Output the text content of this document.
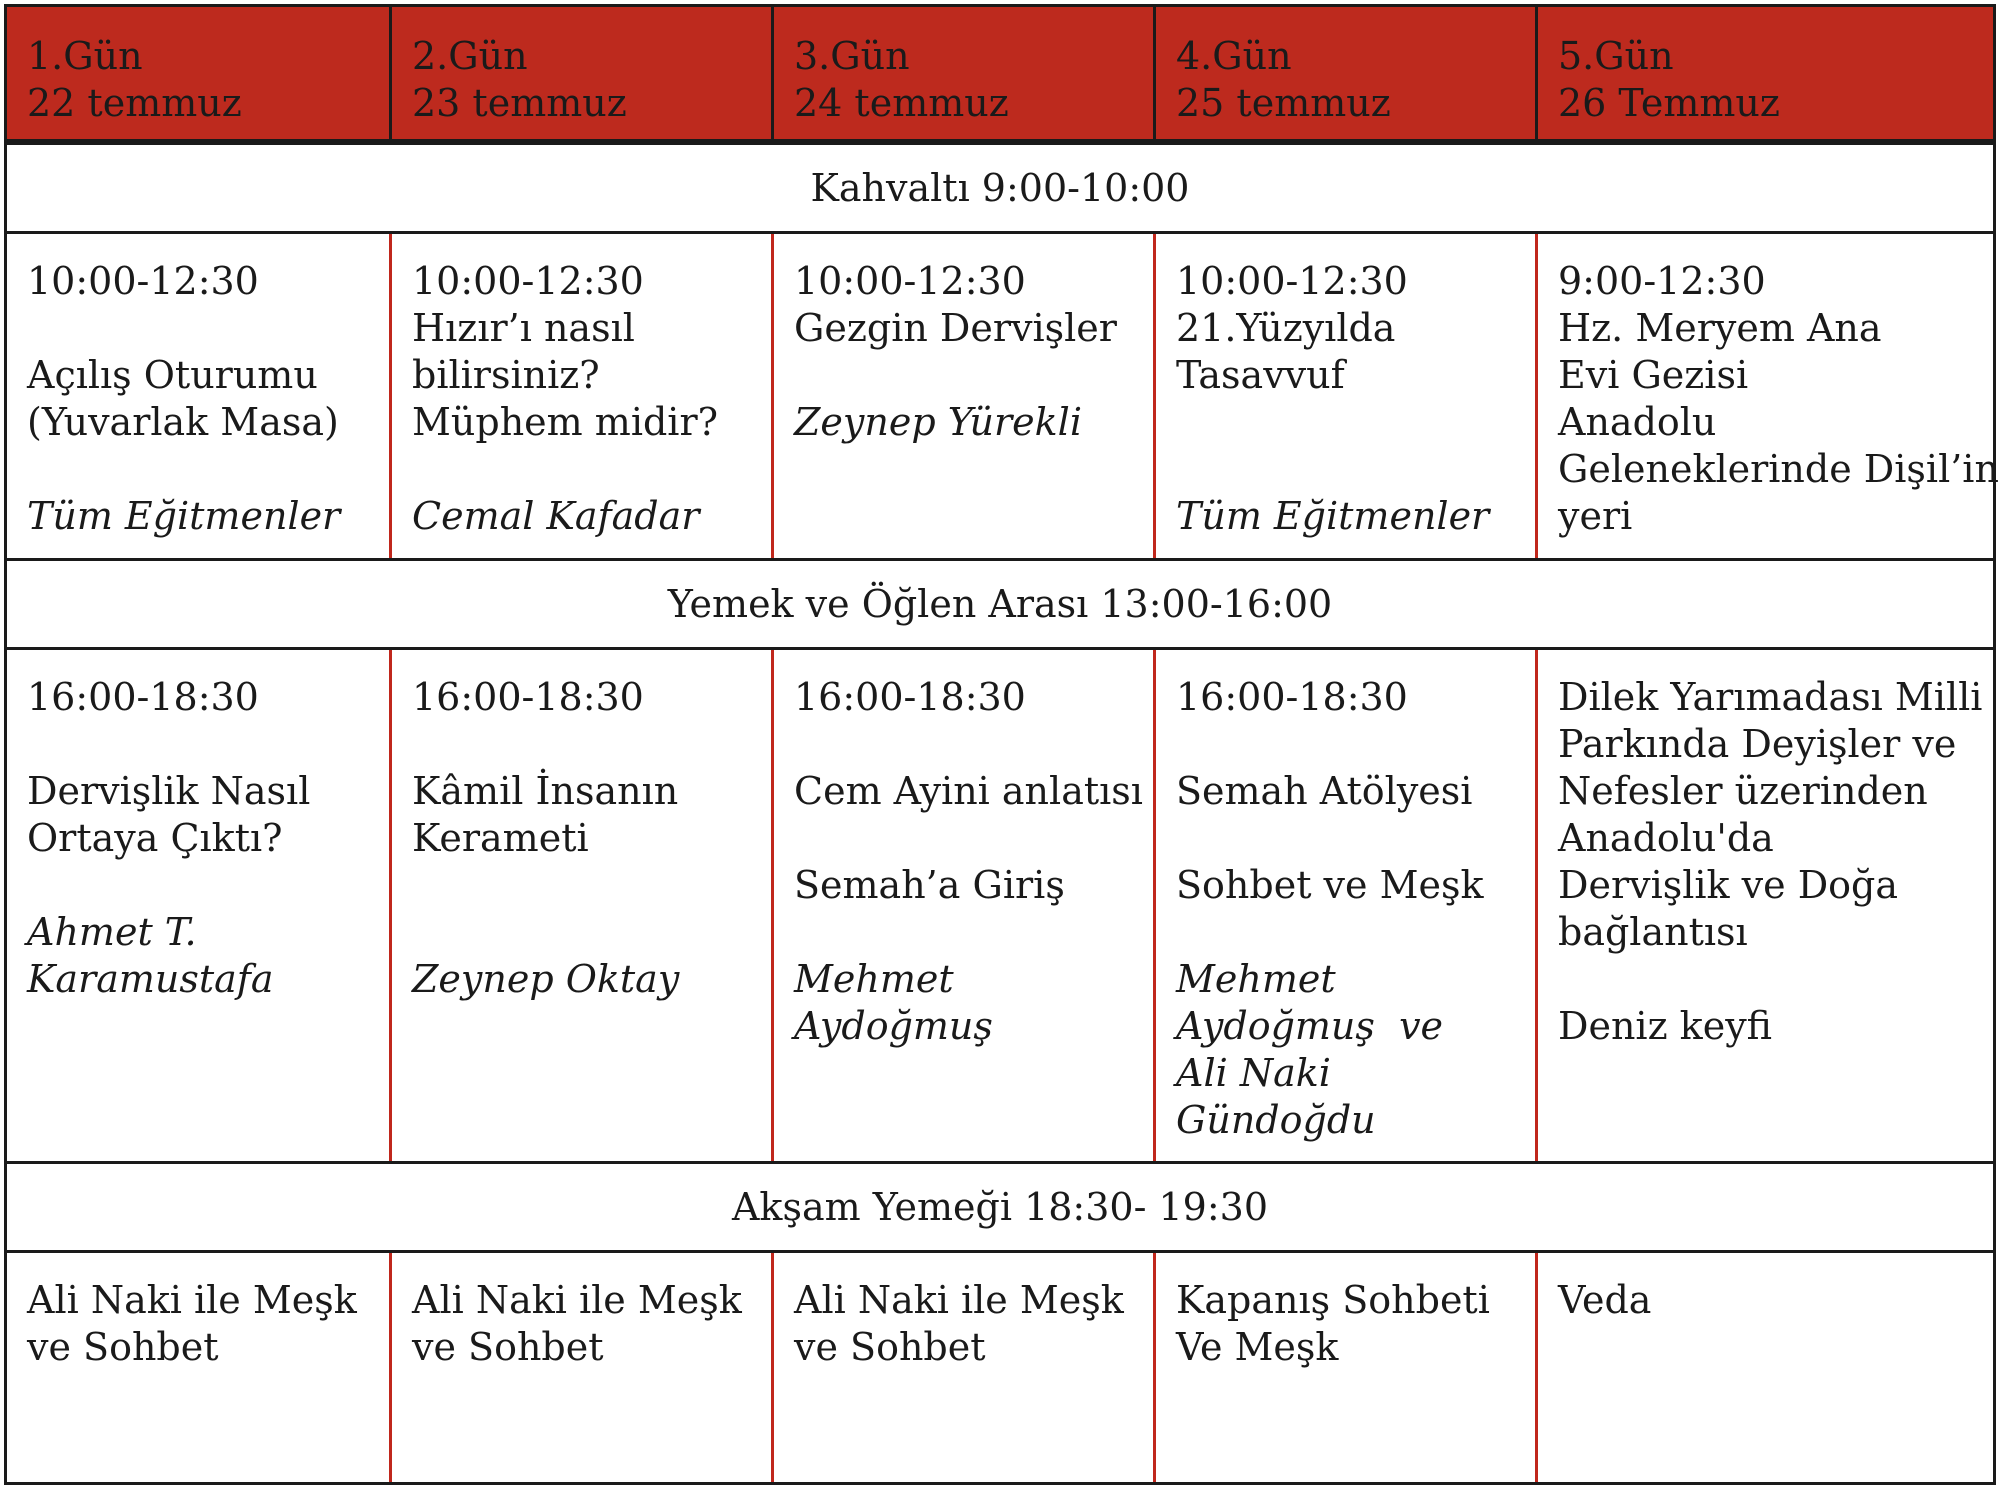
1.Gün
22 temmuz
2.Gün
23 temmuz
3.Gün
24 temmuz
4.Gün
25 temmuz
5.Gün
26 Temmuz
Kahvaltı 9:00-10:00
10:00-12:30
Açılış Oturumu
(Yuvarlak Masa)
Tüm Eğitmenler
10:00-12:30
Hızır’ı nasıl
bilirsiniz?
Müphem midir?
Cemal Kafadar
10:00-12:30
Gezgin Dervişler
Zeynep Yürekli
10:00-12:30
21.Yüzyılda
Tasavvuf
Tüm Eğitmenler
9:00-12:30
Hz. Meryem Ana
Evi Gezisi
Anadolu
Geleneklerinde Dişil’in
yeri
Yemek ve Öğlen Arası 13:00-16:00
16:00-18:30
Dervişlik Nasıl
Ortaya Çıktı?
Ahmet T.
Karamustafa
16:00-18:30
Kâmil İnsanın
Kerameti
Zeynep Oktay
16:00-18:30
Cem Ayini anlatısı
Semah’a Giriş
Mehmet
Aydoğmuş
16:00-18:30
Semah Atölyesi
Sohbet ve Meşk
Mehmet
Aydoğmuş  ve
Ali Naki
Gündoğdu
Dilek Yarımadası Milli
Parkında Deyişler ve
Nefesler üzerinden
Anadolu'da
Dervişlik ve Doğa
bağlantısı
Deniz keyfi
Akşam Yemeği 18:30- 19:30
Ali Naki ile Meşk
ve Sohbet
Ali Naki ile Meşk
ve Sohbet
Ali Naki ile Meşk
ve Sohbet
Kapanış Sohbeti
Ve Meşk
Veda
